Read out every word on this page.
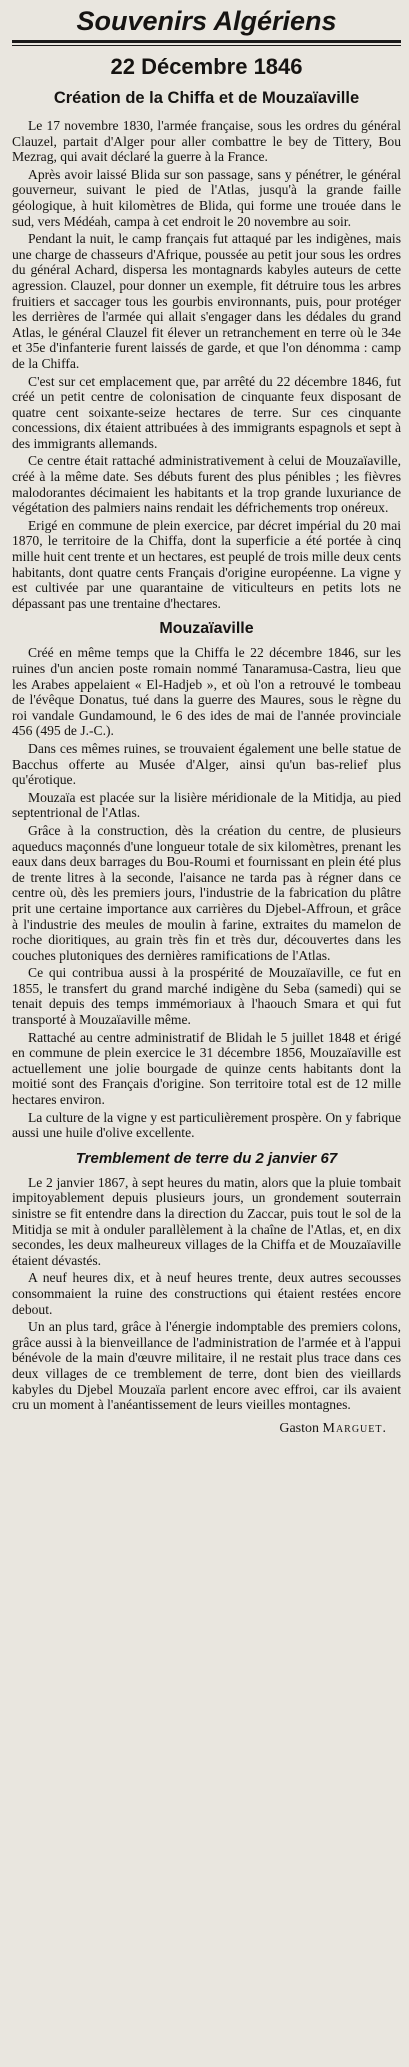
Souvenirs Algériens
22 Décembre 1846
Création de la Chiffa et de Mouzaïaville

Le 17 novembre 1830, l'armée française, sous les ordres du général Clauzel, partait d'Alger pour aller combattre le bey de Tittery, Bou Mezrag, qui avait déclaré la guerre à la France.

Après avoir laissé Blida sur son passage, sans y pénétrer, le général gouverneur, suivant le pied de l'Atlas, jusqu'à la grande faille géologique, à huit kilomètres de Blida, qui forme une trouée dans le sud, vers Médéah, campa à cet endroit le 20 novembre au soir.

Pendant la nuit, le camp français fut attaqué par les indigènes, mais une charge de chasseurs d'Afrique, poussée au petit jour sous les ordres du général Achard, dispersa les montagnards kabyles auteurs de cette agression. Clauzel, pour donner un exemple, fit détruire tous les arbres fruitiers et saccager tous les gourbis environnants, puis, pour protéger les derrières de l'armée qui allait s'engager dans les dédales du grand Atlas, le général Clauzel fit élever un retranchement en terre où le 34e et 35e d'infanterie furent laissés de garde, et que l'on dénomma : camp de la Chiffa.

C'est sur cet emplacement que, par arrêté du 22 décembre 1846, fut créé un petit centre de colonisation de cinquante feux disposant de quatre cent soixante-seize hectares de terre. Sur ces cinquante concessions, dix étaient attribuées à des immigrants espagnols et sept à des immigrants allemands.

Ce centre était rattaché administrativement à celui de Mouzaïaville, créé à la même date. Ses débuts furent des plus pénibles ; les fièvres malodorantes décimaient les habitants et la trop grande luxuriance de végétation des palmiers nains rendait les défrichements trop onéreux.

Erigé en commune de plein exercice, par décret impérial du 20 mai 1870, le territoire de la Chiffa, dont la superficie a été portée à cinq mille huit cent trente et un hectares, est peuplé de trois mille deux cents habitants, dont quatre cents Français d'origine européenne. La vigne y est cultivée par une quarantaine de viticulteurs en petits lots ne dépassant pas une trentaine d'hectares.

Mouzaïaville

Créé en même temps que la Chiffa le 22 décembre 1846, sur les ruines d'un ancien poste romain nommé Tanaramusa-Castra, lieu que les Arabes appelaient « El-Hadjeb », et où l'on a retrouvé le tombeau de l'évêque Donatus, tué dans la guerre des Maures, sous le règne du roi vandale Gundamound, le 6 des ides de mai de l'année provinciale 456 (495 de J.-C.).

Dans ces mêmes ruines, se trouvaient également une belle statue de Bacchus offerte au Musée d'Alger, ainsi qu'un bas-relief plus qu'érotique.

Mouzaïa est placée sur la lisière méridionale de la Mitidja, au pied septentrional de l'Atlas.

Grâce à la construction, dès la création du centre, de plusieurs aqueducs maçonnés d'une longueur totale de six kilomètres, prenant les eaux dans deux barrages du Bou-Roumi et fournissant en plein été plus de trente litres à la seconde, l'aisance ne tarda pas à régner dans ce centre où, dès les premiers jours, l'industrie de la fabrication du plâtre prit une certaine importance aux carrières du Djebel-Affroun, et grâce à l'industrie des meules de moulin à farine, extraites du mamelon de roche dioritiques, au grain très fin et très dur, découvertes dans les couches plutoniques des dernières ramifications de l'Atlas.

Ce qui contribua aussi à la prospérité de Mouzaïaville, ce fut en 1855, le transfert du grand marché indigène du Seba (samedi) qui se tenait depuis des temps immémoriaux à l'haouch Smara et qui fut transporté à Mouzaïaville même.

Rattaché au centre administratif de Blidah le 5 juillet 1848 et érigé en commune de plein exercice le 31 décembre 1856, Mouzaïaville est actuellement une jolie bourgade de quinze cents habitants dont la moitié sont des Français d'origine. Son territoire total est de 12 mille hectares environ.

La culture de la vigne y est particulièrement prospère. On y fabrique aussi une huile d'olive excellente.

Tremblement de terre du 2 janvier 67

Le 2 janvier 1867, à sept heures du matin, alors que la pluie tombait impitoyablement depuis plusieurs jours, un grondement souterrain sinistre se fit entendre dans la direction du Zaccar, puis tout le sol de la Mitidja se mit à onduler parallèlement à la chaîne de l'Atlas, et, en dix secondes, les deux malheureux villages de la Chiffa et de Mouzaïaville étaient dévastés.

A neuf heures dix, et à neuf heures trente, deux autres secousses consommaient la ruine des constructions qui étaient restées encore debout.

Un an plus tard, grâce à l'énergie indomptable des premiers colons, grâce aussi à la bienveillance de l'administration de l'armée et à l'appui bénévole de la main d'œuvre militaire, il ne restait plus trace dans ces deux villages de ce tremblement de terre, dont bien des vieillards kabyles du Djebel Mouzaïa parlent encore avec effroi, car ils avaient cru un moment à l'anéantissement de leurs vieilles montagnes.

Gaston Marguet.
